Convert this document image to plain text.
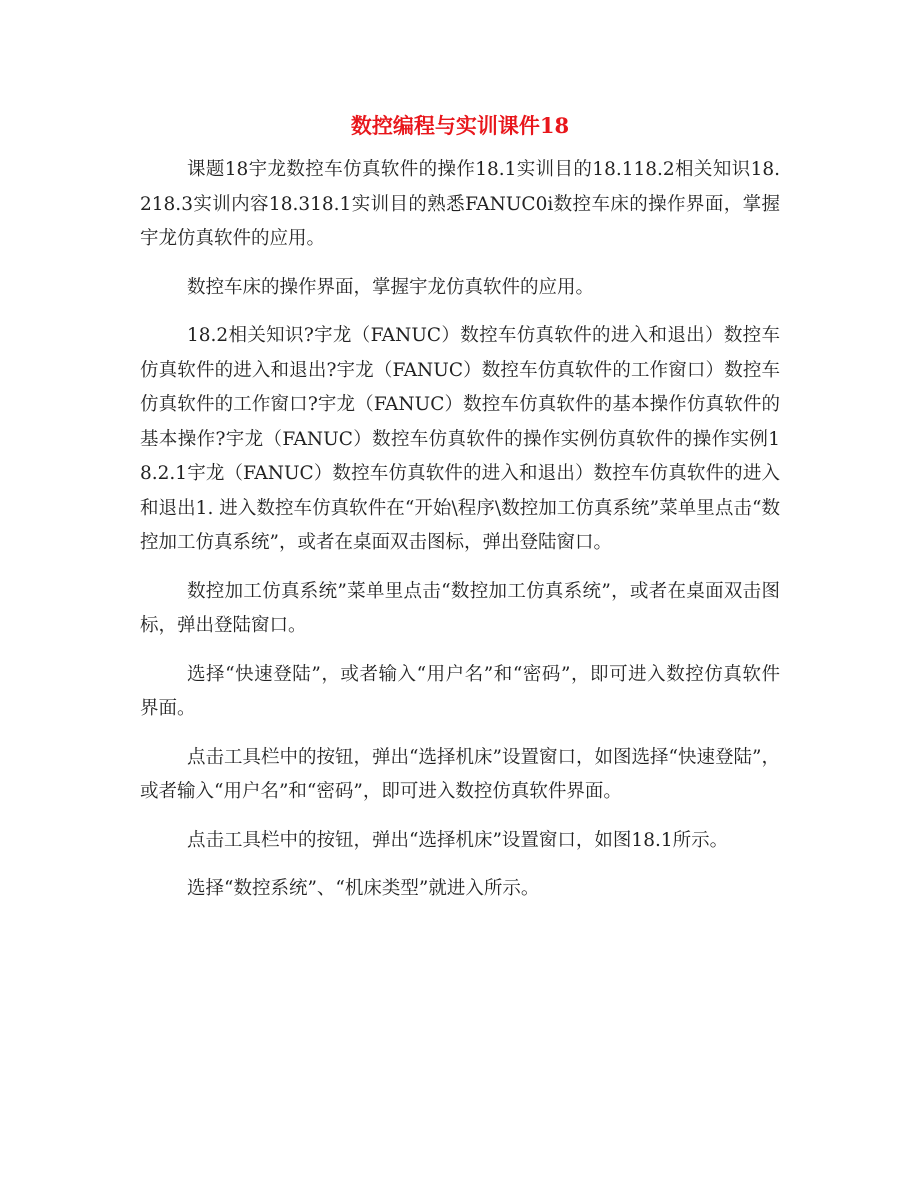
数控编程与实训课件18

课题18宇龙数控车仿真软件的操作18.1实训目的18.118.2相关知识18.218.3实训内容18.318.1实训目的熟悉FANUC0i数控车床的操作界面，掌握宇龙仿真软件的应用。

数控车床的操作界面，掌握宇龙仿真软件的应用。

18.2相关知识?宇龙（FANUC）数控车仿真软件的进入和退出）数控车仿真软件的进入和退出?宇龙（FANUC）数控车仿真软件的工作窗口）数控车仿真软件的工作窗口?宇龙（FANUC）数控车仿真软件的基本操作仿真软件的基本操作?宇龙（FANUC）数控车仿真软件的操作实例仿真软件的操作实例18.2.1宇龙（FANUC）数控车仿真软件的进入和退出）数控车仿真软件的进入和退出1. 进入数控车仿真软件在“开始\程序\数控加工仿真系统”菜单里点击“数控加工仿真系统”，或者在桌面双击图标，弹出登陆窗口。

数控加工仿真系统”菜单里点击“数控加工仿真系统”，或者在桌面双击图标，弹出登陆窗口。

选择“快速登陆”，或者输入“用户名”和“密码”，即可进入数控仿真软件界面。

点击工具栏中的按钮，弹出“选择机床”设置窗口，如图选择“快速登陆”，或者输入“用户名”和“密码”，即可进入数控仿真软件界面。

点击工具栏中的按钮，弹出“选择机床”设置窗口，如图18.1所示。

选择“数控系统”、“机床类型”就进入所示。
